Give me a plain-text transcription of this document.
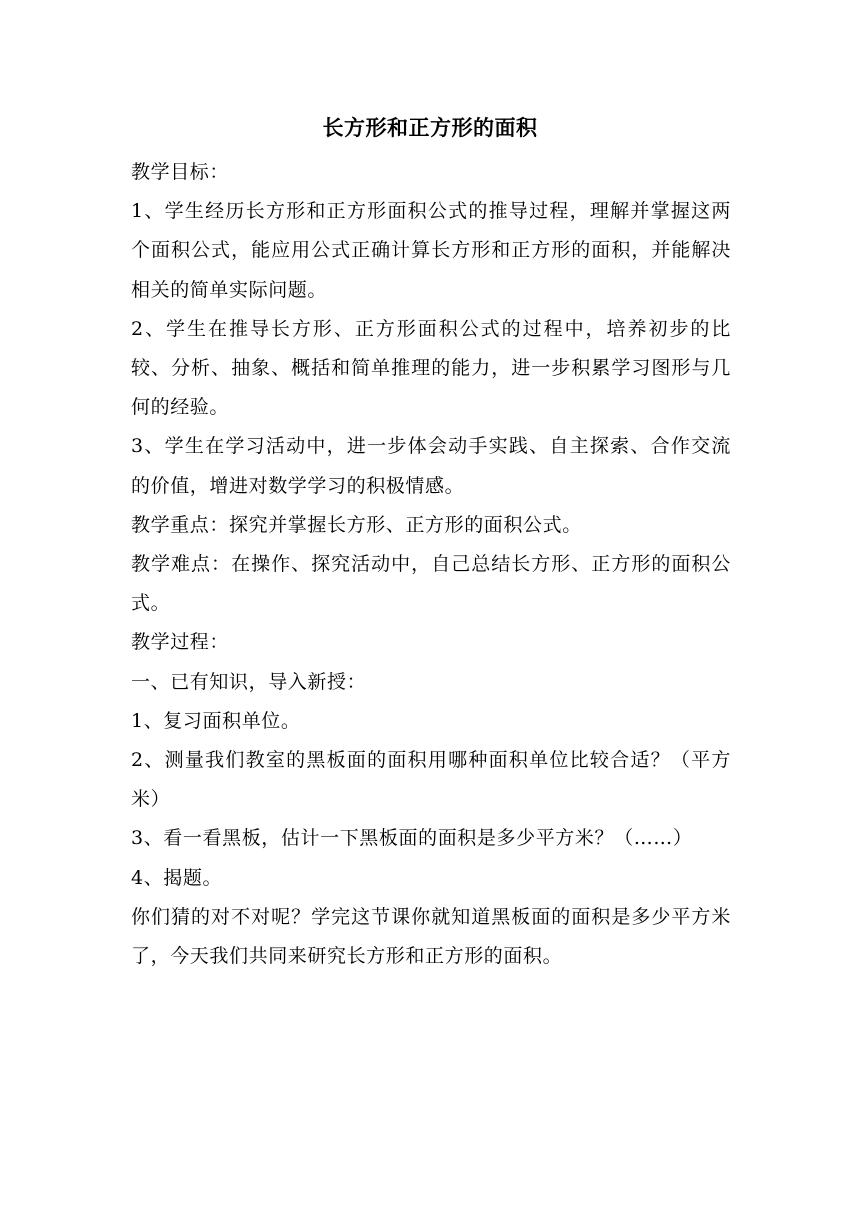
长方形和正方形的面积

教学目标：

1、学生经历长方形和正方形面积公式的推导过程，理解并掌握这两个面积公式，能应用公式正确计算长方形和正方形的面积，并能解决相关的简单实际问题。

2、学生在推导长方形、正方形面积公式的过程中，培养初步的比较、分析、抽象、概括和简单推理的能力，进一步积累学习图形与几何的经验。

3、学生在学习活动中，进一步体会动手实践、自主探索、合作交流的价值，增进对数学学习的积极情感。

教学重点：探究并掌握长方形、正方形的面积公式。

教学难点：在操作、探究活动中，自己总结长方形、正方形的面积公式。

教学过程：

一、已有知识，导入新授：

1、复习面积单位。

2、测量我们教室的黑板面的面积用哪种面积单位比较合适？（平方米）

3、看一看黑板，估计一下黑板面的面积是多少平方米？（……）

4、揭题。

你们猜的对不对呢？学完这节课你就知道黑板面的面积是多少平方米了，今天我们共同来研究长方形和正方形的面积。
